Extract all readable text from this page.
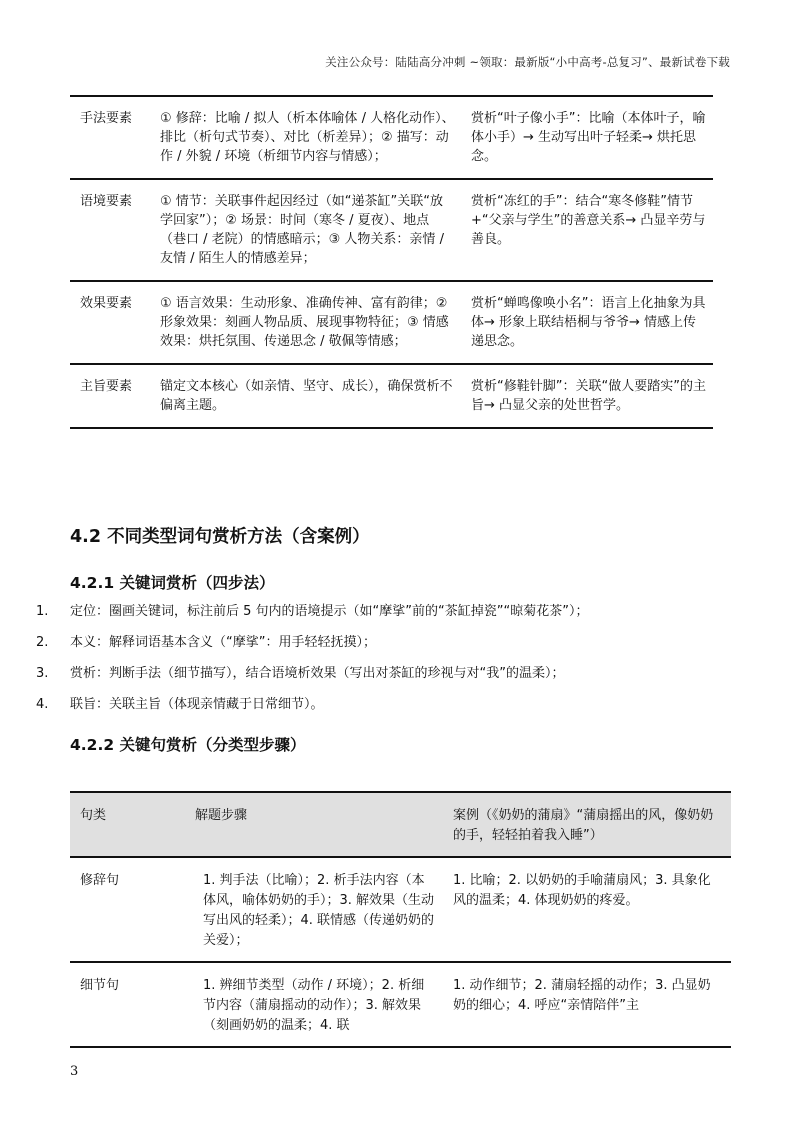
关注公众号：陆陆高分冲刺 ~领取：最新版“小中高考-总复习”、最新试卷下载
手法要素	① 修辞：比喻 / 拟人（析本体喻体 / 人格化动作）、排比（析句式节奏）、对比（析差异）；② 描写：动作 / 外貌 / 环境（析细节内容与情感）；	赏析“叶子像小手”：比喻（本体叶子，喻体小手）→ 生动写出叶子轻柔→ 烘托思念。
语境要素	① 情节：关联事件起因经过（如“递茶缸”关联“放学回家”）；② 场景：时间（寒冬 / 夏夜）、地点（巷口 / 老院）的情感暗示；③ 人物关系：亲情 / 友情 / 陌生人的情感差异；	赏析“冻红的手”：结合“寒冬修鞋”情节 +“父亲与学生”的善意关系→ 凸显辛劳与善良。
效果要素	① 语言效果：生动形象、准确传神、富有韵律；② 形象效果：刻画人物品质、展现事物特征；③ 情感效果：烘托氛围、传递思念 / 敬佩等情感；	赏析“蝉鸣像唤小名”：语言上化抽象为具体→ 形象上联结梧桐与爷爷→ 情感上传递思念。
主旨要素	锚定文本核心（如亲情、坚守、成长），确保赏析不偏离主题。	赏析“修鞋针脚”：关联“做人要踏实”的主旨→ 凸显父亲的处世哲学。
4.2 不同类型词句赏析方法（含案例）
4.2.1 关键词赏析（四步法）
1. 定位：圈画关键词，标注前后 5 句内的语境提示（如“摩挲”前的“茶缸掉瓷”“晾菊花茶”）；
2. 本义：解释词语基本含义（“摩挲”：用手轻轻抚摸）；
3. 赏析：判断手法（细节描写），结合语境析效果（写出对茶缸的珍视与对“我”的温柔）；
4. 联旨：关联主旨（体现亲情藏于日常细节）。
4.2.2 关键句赏析（分类型步骤）
句类	解题步骤	案例（《奶奶的蒲扇》“蒲扇摇出的风，像奶奶的手，轻轻拍着我入睡”）
修辞句	1. 判手法（比喻）；2. 析手法内容（本体风，喻体奶奶的手）；3. 解效果（生动写出风的轻柔）；4. 联情感（传递奶奶的关爱）；	1. 比喻；2. 以奶奶的手喻蒲扇风；3. 具象化风的温柔；4. 体现奶奶的疼爱。
细节句	1. 辨细节类型（动作 / 环境）；2. 析细节内容（蒲扇摇动的动作）；3. 解效果（刻画奶奶的温柔；4. 联	1. 动作细节；2. 蒲扇轻摇的动作；3. 凸显奶奶的细心；4. 呼应“亲情陪伴”主
3
